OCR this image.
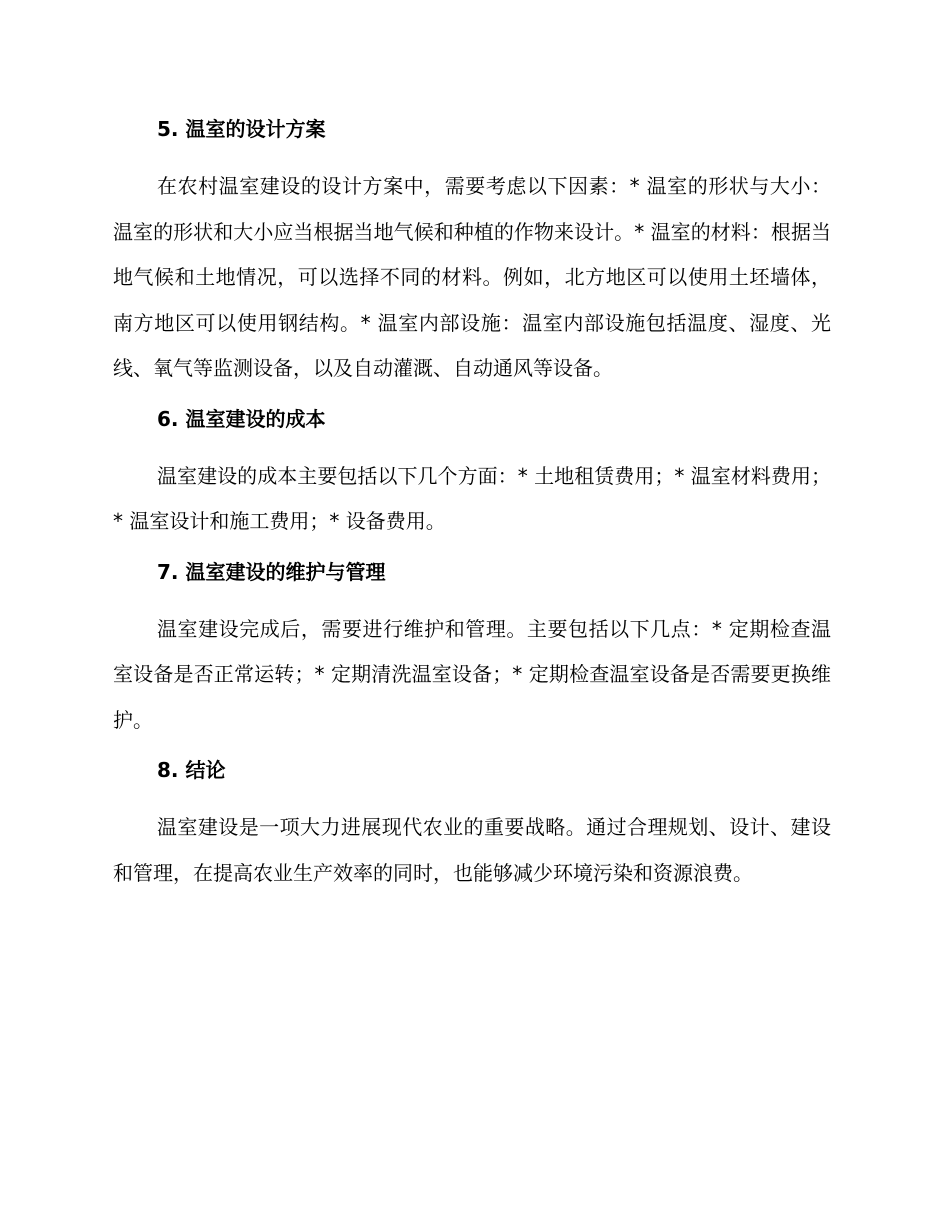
5. 温室的设计方案

在农村温室建设的设计方案中，需要考虑以下因素：* 温室的形状与大小：温室的形状和大小应当根据当地气候和种植的作物来设计。* 温室的材料：根据当地气候和土地情况，可以选择不同的材料。例如，北方地区可以使用土坯墙体，南方地区可以使用钢结构。* 温室内部设施：温室内部设施包括温度、湿度、光线、氧气等监测设备，以及自动灌溉、自动通风等设备。

6. 温室建设的成本

温室建设的成本主要包括以下几个方面：* 土地租赁费用；* 温室材料费用；* 温室设计和施工费用；* 设备费用。

7. 温室建设的维护与管理

温室建设完成后，需要进行维护和管理。主要包括以下几点：* 定期检查温室设备是否正常运转；* 定期清洗温室设备；* 定期检查温室设备是否需要更换维护。

8. 结论

温室建设是一项大力进展现代农业的重要战略。通过合理规划、设计、建设和管理，在提高农业生产效率的同时，也能够减少环境污染和资源浪费。
